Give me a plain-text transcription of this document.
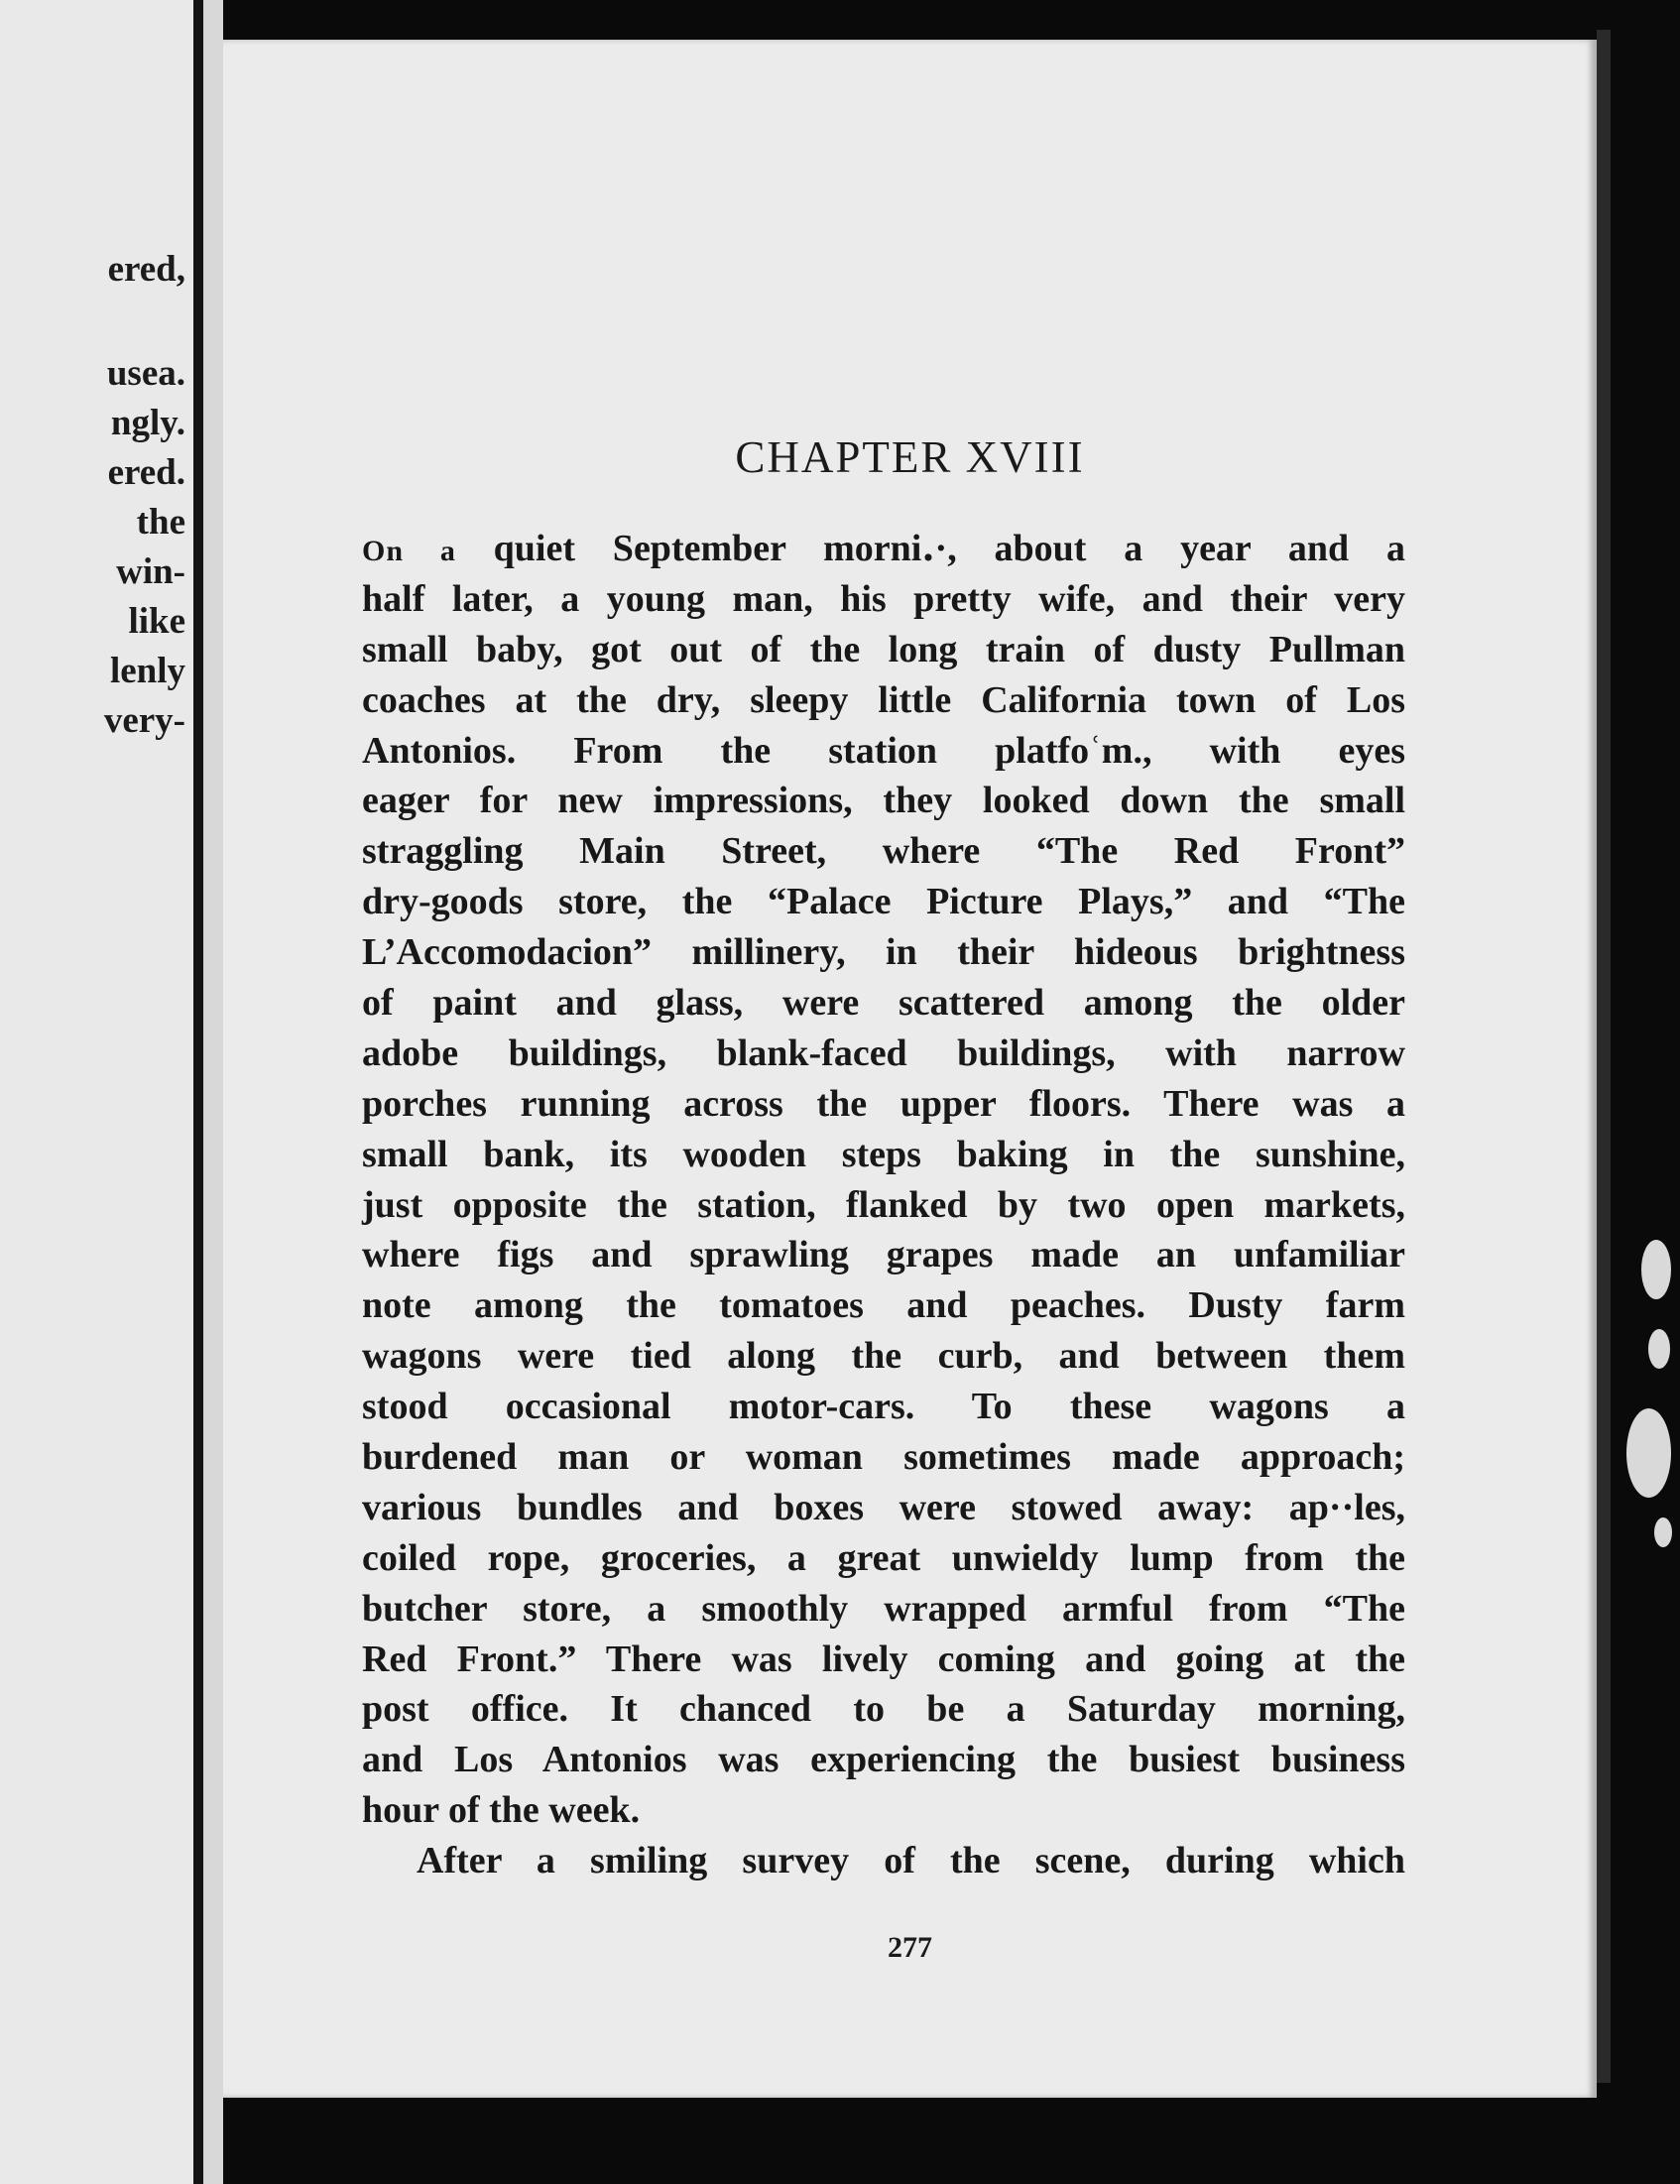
ered,
usea.
ngly.
ered.
the
win-
like
lenly
very-
CHAPTER XVIII
On a quiet September morni․·, about a year and a
half later, a young man, his pretty wife, and their very
small baby, got out of the long train of dusty Pullman
coaches at the dry, sleepy little California town of Los
Antonios. From the station platfoʿm., with eyes
eager for new impressions, they looked down the small
straggling Main Street, where “The Red Front”
dry-goods store, the “Palace Picture Plays,” and “The
L’Accomodacion” millinery, in their hideous brightness
of paint and glass, were scattered among the older
adobe buildings, blank-faced buildings, with narrow
porches running across the upper floors. There was a
small bank, its wooden steps baking in the sunshine,
just opposite the station, flanked by two open markets,
where figs and sprawling grapes made an unfamiliar
note among the tomatoes and peaches. Dusty farm
wagons were tied along the curb, and between them
stood occasional motor-cars. To these wagons a
burdened man or woman sometimes made approach;
various bundles and boxes were stowed away: ap··les,
coiled rope, groceries, a great unwieldy lump from the
butcher store, a smoothly wrapped armful from “The
Red Front.” There was lively coming and going at the
post office. It chanced to be a Saturday morning,
and Los Antonios was experiencing the busiest business
hour of the week.
After a smiling survey of the scene, during which
277
